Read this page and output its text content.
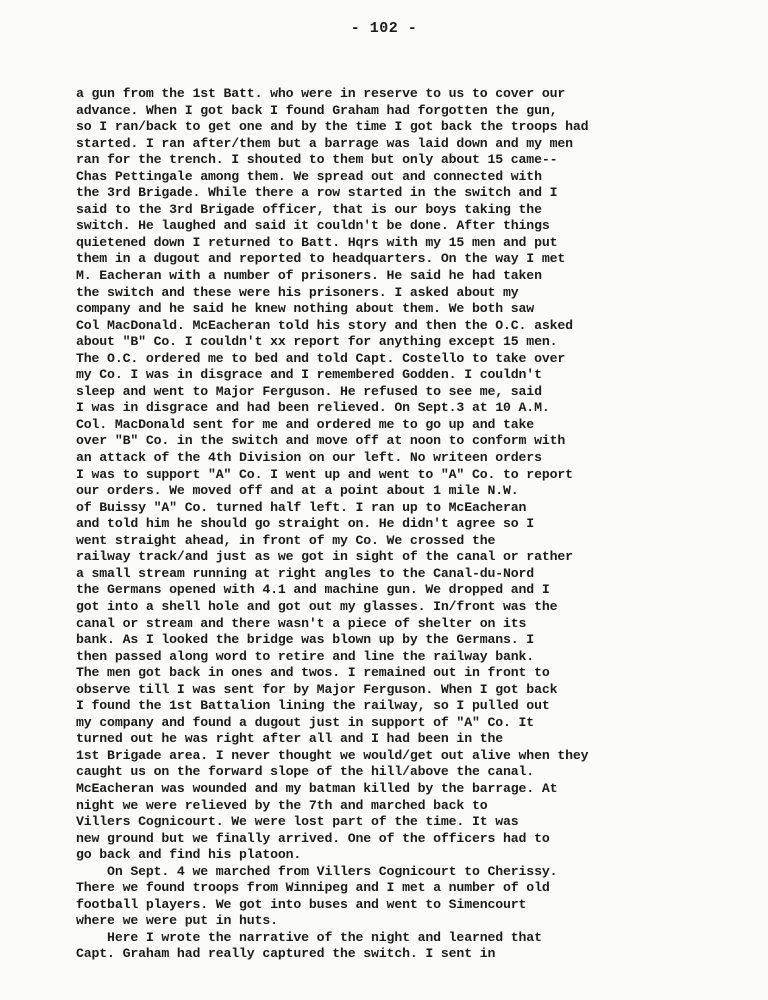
- 102 -
a gun from the 1st Batt. who were in reserve to us to cover our
advance. When I got back I found Graham had forgotten the gun,
so I ran/back to get one and by the time I got back the troops had
started. I ran after/them but a barrage was laid down and my men
ran for the trench. I shouted to them but only about 15 came--
Chas Pettingale among them. We spread out and connected with
the 3rd Brigade. While there a row started in the switch and I
said to the 3rd Brigade officer, that is our boys taking the
switch. He laughed and said it couldn't be done. After things
quietened down I returned to Batt. Hqrs with my 15 men and put
them in a dugout and reported to headquarters. On the way I met
M. Eacheran with a number of prisoners. He said he had taken
the switch and these were his prisoners. I asked about my
company and he said he knew nothing about them. We both saw
Col MacDonald. McEacheran told his story and then the O.C. asked
about "B" Co. I couldn't xx report for anything except 15 men.
The O.C. ordered me to bed and told Capt. Costello to take over
my Co. I was in disgrace and I remembered Godden. I couldn't
sleep and went to Major Ferguson. He refused to see me, said
I was in disgrace and had been relieved. On Sept.3 at 10 A.M.
Col. MacDonald sent for me and ordered me to go up and take
over "B" Co. in the switch and move off at noon to conform with
an attack of the 4th Division on our left. No writeen orders
I was to support "A" Co. I went up and went to "A" Co. to report
our orders. We moved off and at a point about 1 mile N.W.
of Buissy "A" Co. turned half left. I ran up to McEacheran
and told him he should go straight on. He didn't agree so I
went straight ahead, in front of my Co. We crossed the
railway track/and just as we got in sight of the canal or rather
a small stream running at right angles to the Canal-du-Nord
the Germans opened with 4.1 and machine gun. We dropped and I
got into a shell hole and got out my glasses. In/front was the
canal or stream and there wasn't a piece of shelter on its
bank. As I looked the bridge was blown up by the Germans. I
then passed along word to retire and line the railway bank.
The men got back in ones and twos. I remained out in front to
observe till I was sent for by Major Ferguson. When I got back
I found the 1st Battalion lining the railway, so I pulled out
my company and found a dugout just in support of "A" Co. It
turned out he was right after all and I had been in the
1st Brigade area. I never thought we would/get out alive when they
caught us on the forward slope of the hill/above the canal.
McEacheran was wounded and my batman killed by the barrage. At
night we were relieved by the 7th and marched back to
Villers Cognicourt. We were lost part of the time. It was
new ground but we finally arrived. One of the officers had to
go back and find his platoon.
On Sept. 4 we marched from Villers Cognicourt to Cherissy.
There we found troops from Winnipeg and I met a number of old
football players. We got into buses and went to Simencourt
where we were put in huts.
Here I wrote the narrative of the night and learned that
Capt. Graham had really captured the switch. I sent in
